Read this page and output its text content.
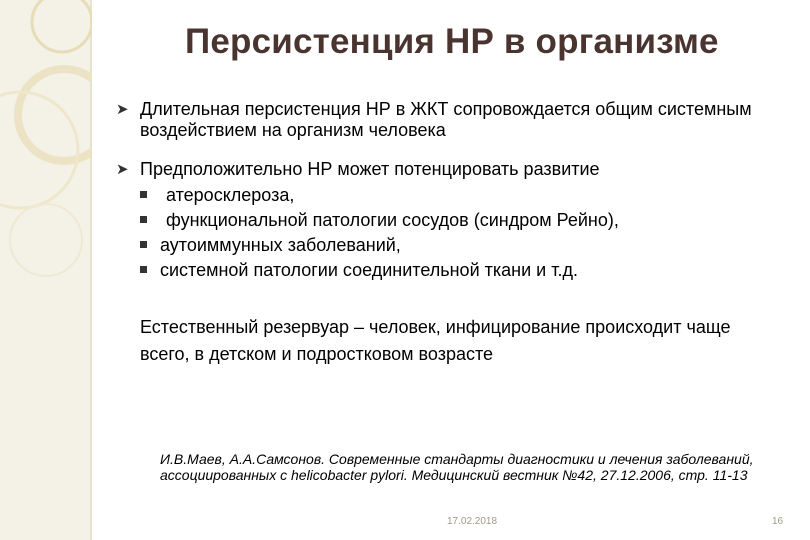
Персистенция НР в организме
➤ Длительная персистенция НР в ЖКТ сопровождается общим системным воздействием на организм человека
➤ Предположительно НР может потенцировать развитие
атеросклероза,
функциональной патологии сосудов (синдром Рейно),
аутоиммунных заболеваний,
системной патологии соединительной ткани и т.д.
Естественный резервуар – человек, инфицирование происходит чаще всего, в детском и подростковом возрасте
И.В.Маев, А.А.Самсонов. Современные стандарты диагностики и лечения заболеваний, ассоциированных с helicobacter pylori. Медицинский вестник №42, 27.12.2006, стр. 11-13
17.02.2018	16
